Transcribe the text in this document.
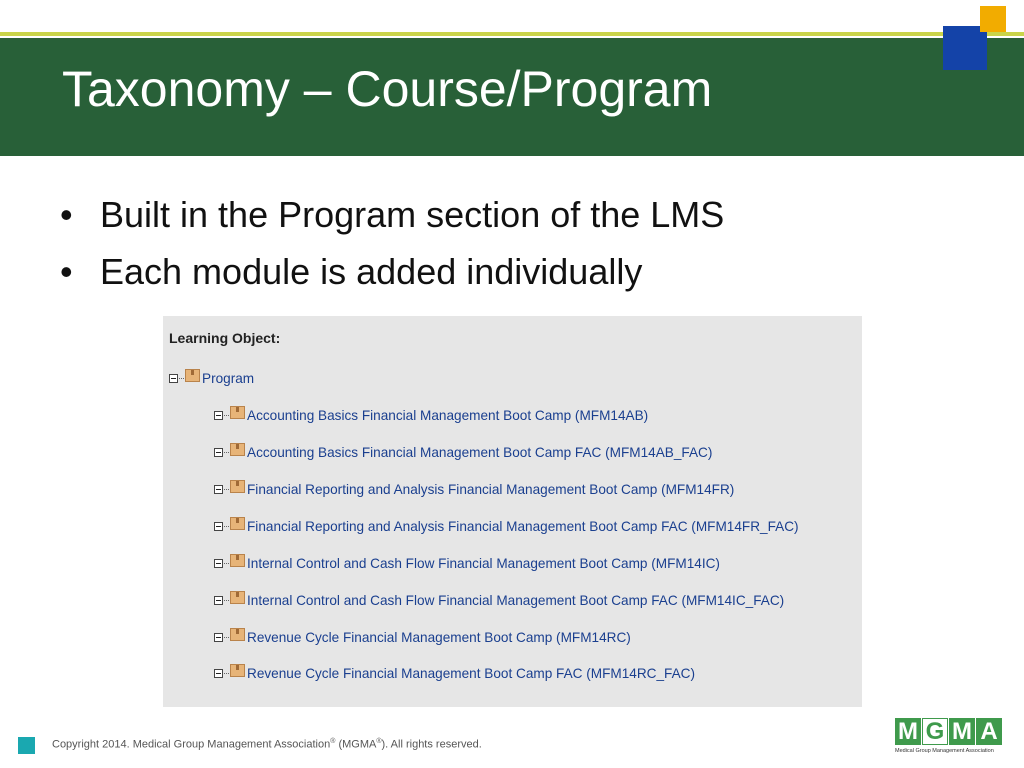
Taxonomy – Course/Program
• Built in the Program section of the LMS
• Each module is added individually
Learning Object:
Program
Accounting Basics Financial Management Boot Camp (MFM14AB)
Accounting Basics Financial Management Boot Camp FAC (MFM14AB_FAC)
Financial Reporting and Analysis Financial Management Boot Camp (MFM14FR)
Financial Reporting and Analysis Financial Management Boot Camp FAC (MFM14FR_FAC)
Internal Control and Cash Flow Financial Management Boot Camp (MFM14IC)
Internal Control and Cash Flow Financial Management Boot Camp FAC (MFM14IC_FAC)
Revenue Cycle Financial Management Boot Camp (MFM14RC)
Revenue Cycle Financial Management Boot Camp FAC (MFM14RC_FAC)
Copyright 2014. Medical Group Management Association® (MGMA®). All rights reserved.	M G M A
Medical Group Management Association
